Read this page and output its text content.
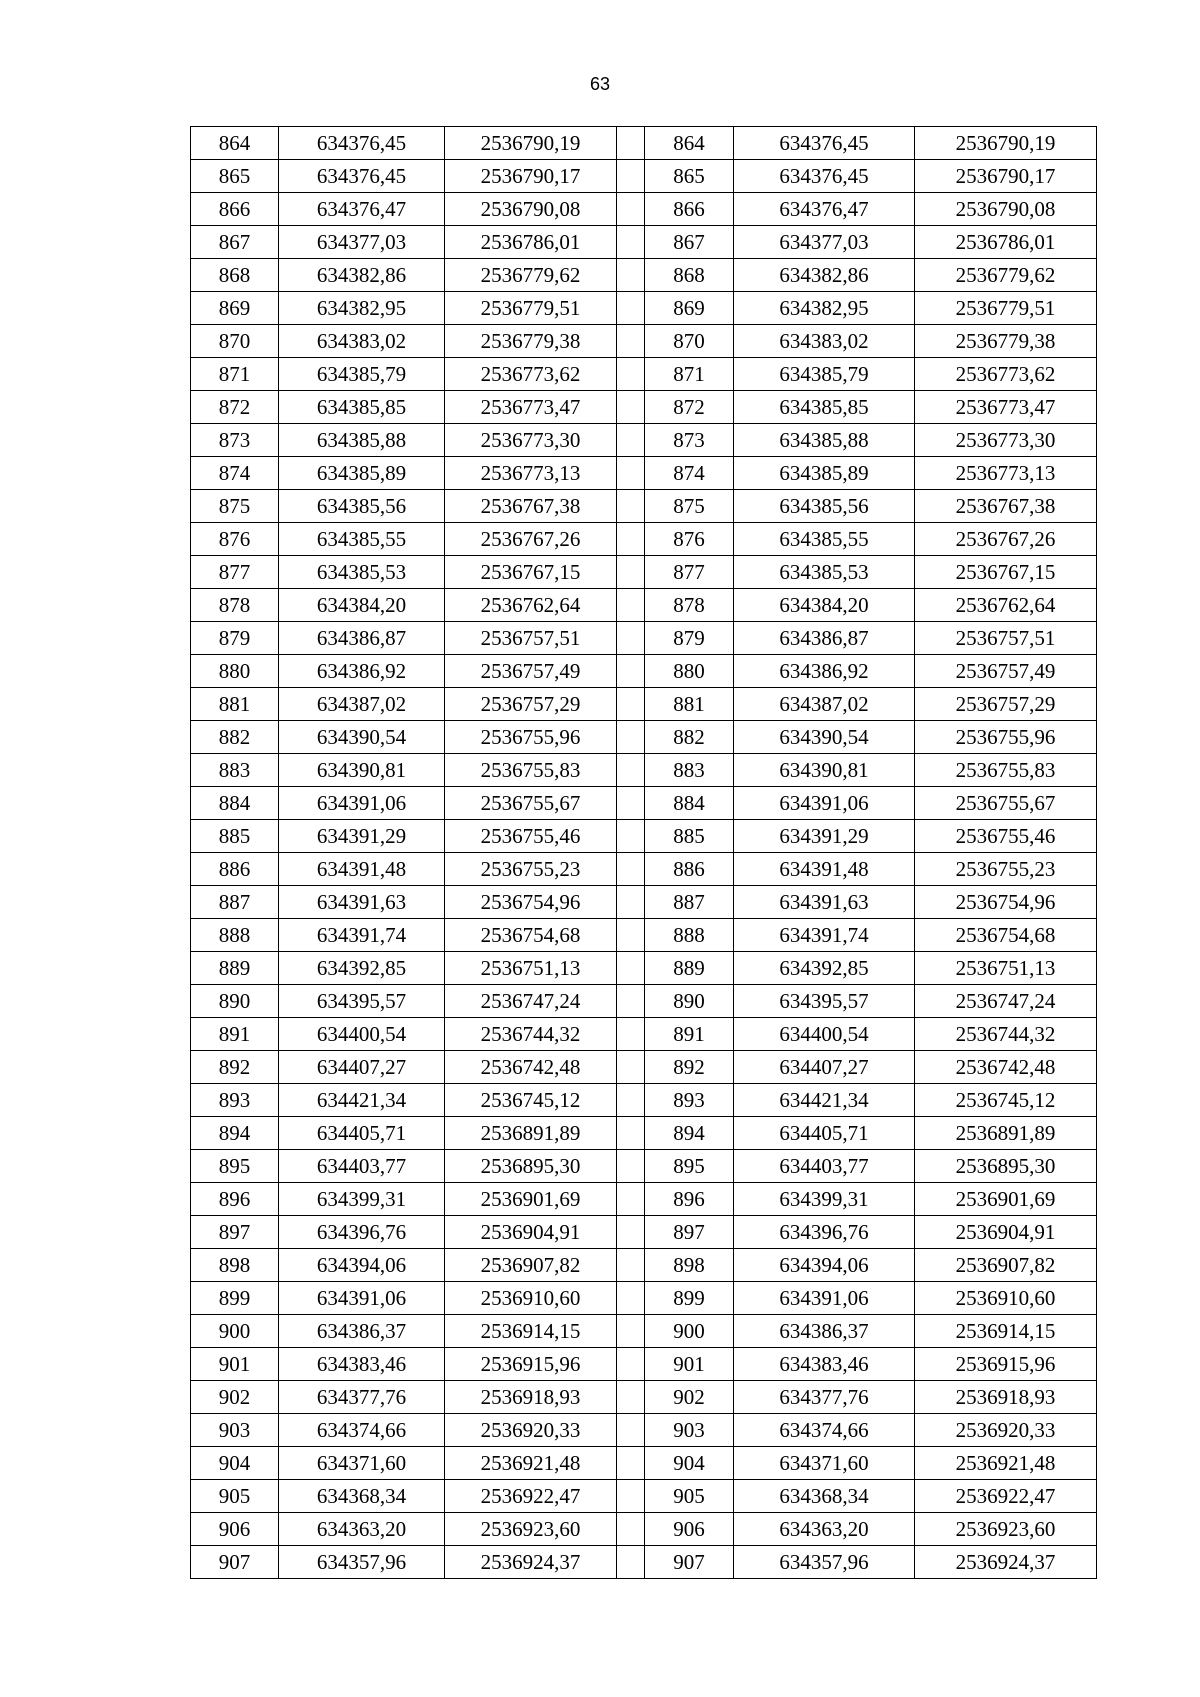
63
864	634376,45	2536790,19		864	634376,45	2536790,19
865	634376,45	2536790,17		865	634376,45	2536790,17
866	634376,47	2536790,08		866	634376,47	2536790,08
867	634377,03	2536786,01		867	634377,03	2536786,01
868	634382,86	2536779,62		868	634382,86	2536779,62
869	634382,95	2536779,51		869	634382,95	2536779,51
870	634383,02	2536779,38		870	634383,02	2536779,38
871	634385,79	2536773,62		871	634385,79	2536773,62
872	634385,85	2536773,47		872	634385,85	2536773,47
873	634385,88	2536773,30		873	634385,88	2536773,30
874	634385,89	2536773,13		874	634385,89	2536773,13
875	634385,56	2536767,38		875	634385,56	2536767,38
876	634385,55	2536767,26		876	634385,55	2536767,26
877	634385,53	2536767,15		877	634385,53	2536767,15
878	634384,20	2536762,64		878	634384,20	2536762,64
879	634386,87	2536757,51		879	634386,87	2536757,51
880	634386,92	2536757,49		880	634386,92	2536757,49
881	634387,02	2536757,29		881	634387,02	2536757,29
882	634390,54	2536755,96		882	634390,54	2536755,96
883	634390,81	2536755,83		883	634390,81	2536755,83
884	634391,06	2536755,67		884	634391,06	2536755,67
885	634391,29	2536755,46		885	634391,29	2536755,46
886	634391,48	2536755,23		886	634391,48	2536755,23
887	634391,63	2536754,96		887	634391,63	2536754,96
888	634391,74	2536754,68		888	634391,74	2536754,68
889	634392,85	2536751,13		889	634392,85	2536751,13
890	634395,57	2536747,24		890	634395,57	2536747,24
891	634400,54	2536744,32		891	634400,54	2536744,32
892	634407,27	2536742,48		892	634407,27	2536742,48
893	634421,34	2536745,12		893	634421,34	2536745,12
894	634405,71	2536891,89		894	634405,71	2536891,89
895	634403,77	2536895,30		895	634403,77	2536895,30
896	634399,31	2536901,69		896	634399,31	2536901,69
897	634396,76	2536904,91		897	634396,76	2536904,91
898	634394,06	2536907,82		898	634394,06	2536907,82
899	634391,06	2536910,60		899	634391,06	2536910,60
900	634386,37	2536914,15		900	634386,37	2536914,15
901	634383,46	2536915,96		901	634383,46	2536915,96
902	634377,76	2536918,93		902	634377,76	2536918,93
903	634374,66	2536920,33		903	634374,66	2536920,33
904	634371,60	2536921,48		904	634371,60	2536921,48
905	634368,34	2536922,47		905	634368,34	2536922,47
906	634363,20	2536923,60		906	634363,20	2536923,60
907	634357,96	2536924,37		907	634357,96	2536924,37
